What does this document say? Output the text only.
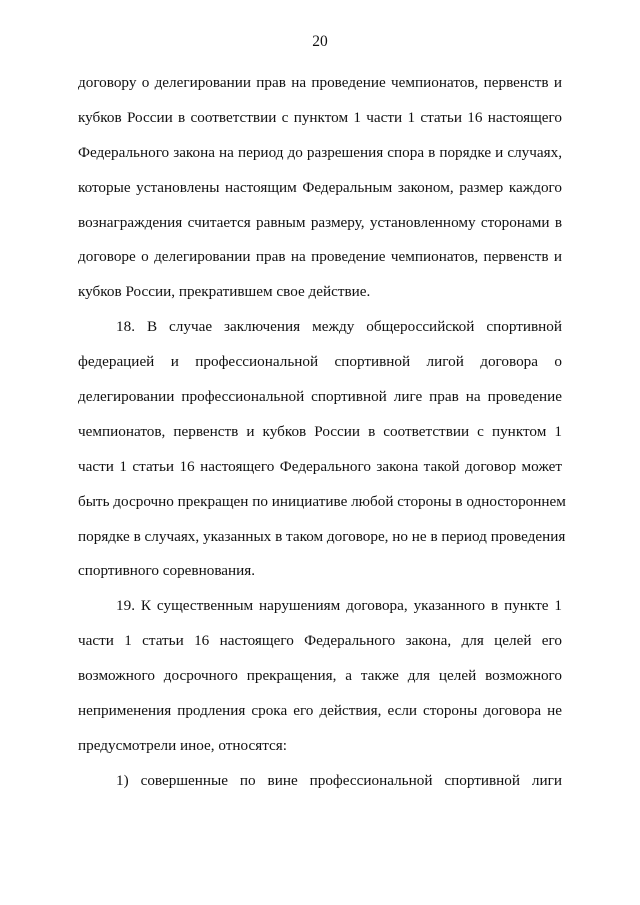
20
договору о делегировании прав на проведение чемпионатов, первенств и
кубков России в соответствии с пунктом 1 части 1 статьи 16 настоящего
Федерального закона на период до разрешения спора в порядке и случаях,
которые установлены настоящим Федеральным законом, размер каждого
вознаграждения считается равным размеру, установленному сторонами в
договоре о делегировании прав на проведение чемпионатов, первенств и
кубков России, прекратившем свое действие.
18. В случае заключения между общероссийской спортивной
федерацией и профессиональной спортивной лигой договора о
делегировании профессиональной спортивной лиге прав на проведение
чемпионатов, первенств и кубков России в соответствии с пунктом 1
части 1 статьи 16 настоящего Федерального закона такой договор может
быть досрочно прекращен по инициативе любой стороны в одностороннем
порядке в случаях, указанных в таком договоре, но не в период проведения
спортивного соревнования.
19. К существенным нарушениям договора, указанного в пункте 1
части 1 статьи 16 настоящего Федерального закона, для целей его
возможного досрочного прекращения, а также для целей возможного
неприменения продления срока его действия, если стороны договора не
предусмотрели иное, относятся:
1) совершенные по вине профессиональной спортивной лиги
